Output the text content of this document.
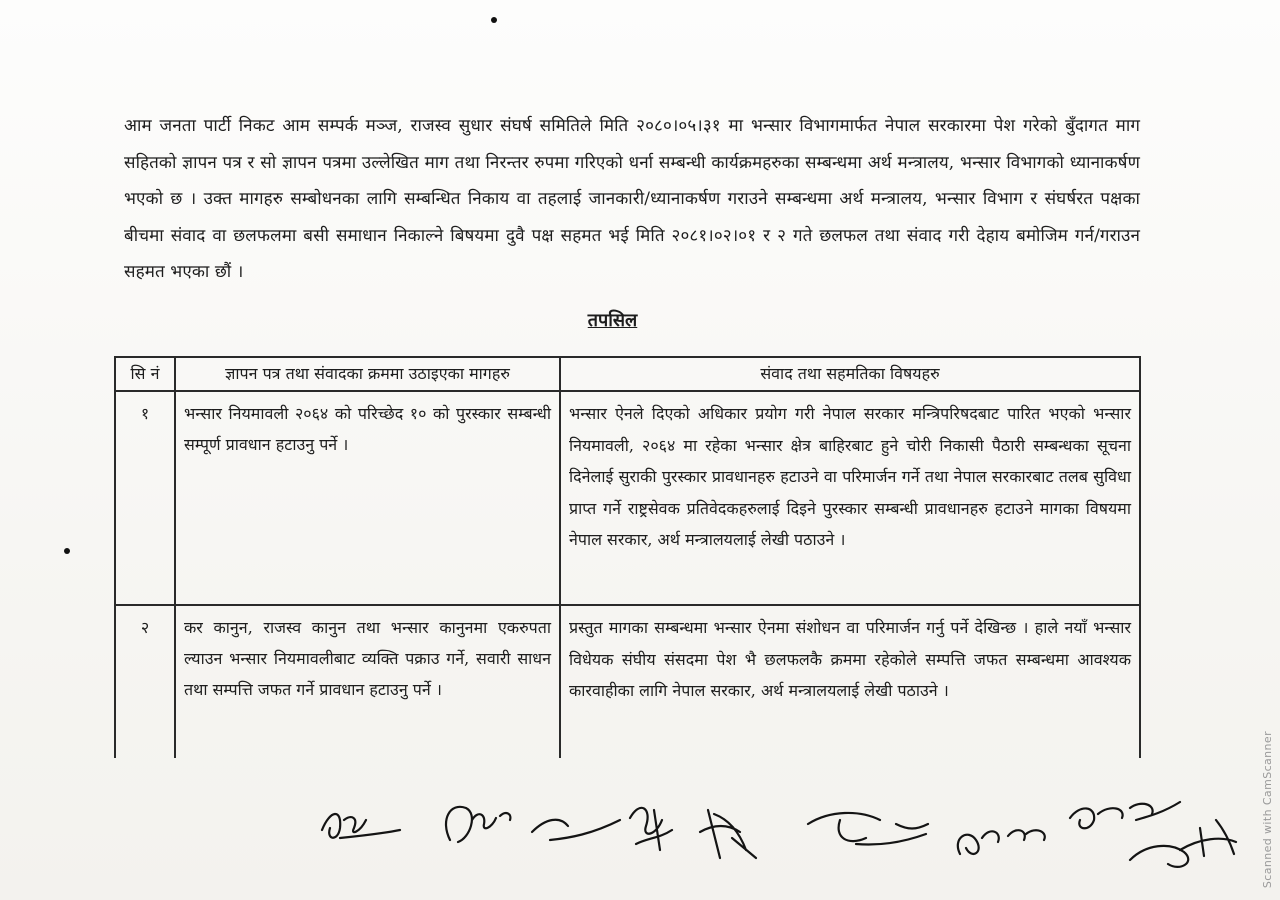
आम जनता पार्टी निकट आम सम्पर्क मञ्ज, राजस्व सुधार संघर्ष समितिले मिति २०८०।०५।३१ मा भन्सार विभागमार्फत नेपाल सरकारमा पेश गरेको बुँदागत माग सहितको ज्ञापन पत्र र सो ज्ञापन पत्रमा उल्लेखित माग तथा निरन्तर रुपमा गरिएको धर्ना सम्बन्धी कार्यक्रमहरुका सम्बन्धमा अर्थ मन्त्रालय, भन्सार विभागको ध्यानाकर्षण भएको छ । उक्त मागहरु सम्बोधनका लागि सम्बन्धित निकाय वा तहलाई जानकारी/ध्यानाकर्षण गराउने सम्बन्धमा अर्थ मन्त्रालय, भन्सार विभाग र संघर्षरत पक्षका बीचमा संवाद वा छलफलमा बसी समाधान निकाल्ने बिषयमा दुवै पक्ष सहमत भई मिति २०८१।०२।०१ र २ गते छलफल तथा संवाद गरी देहाय बमोजिम गर्न/गराउन सहमत भएका छौं ।

तपसिल
सि नं	ज्ञापन पत्र तथा संवादका क्रममा उठाइएका मागहरु	संवाद तथा सहमतिका विषयहरु
१	भन्सार नियमावली २०६४ को परिच्छेद १० को पुरस्कार सम्बन्धी सम्पूर्ण प्रावधान हटाउनु पर्ने ।	भन्सार ऐनले दिएको अधिकार प्रयोग गरी नेपाल सरकार मन्त्रिपरिषदबाट पारित भएको भन्सार नियमावली, २०६४ मा रहेका भन्सार क्षेत्र बाहिरबाट हुने चोरी निकासी पैठारी सम्बन्धका सूचना दिनेलाई सुराकी पुरस्कार प्रावधानहरु हटाउने वा परिमार्जन गर्ने तथा नेपाल सरकारबाट तलब सुविधा प्राप्त गर्ने राष्ट्रसेवक प्रतिवेदकहरुलाई दिइने पुरस्कार सम्बन्धी प्रावधानहरु हटाउने मागका विषयमा नेपाल सरकार, अर्थ मन्त्रालयलाई लेखी पठाउने ।
२	कर कानुन, राजस्व कानुन तथा भन्सार कानुनमा एकरुपता ल्याउन भन्सार नियमावलीबाट व्यक्ति पक्राउ गर्ने, सवारी साधन तथा सम्पत्ति जफत गर्ने प्रावधान हटाउनु पर्ने ।	प्रस्तुत मागका सम्बन्धमा भन्सार ऐनमा संशोधन वा परिमार्जन गर्नु पर्ने देखिन्छ । हाले नयाँ भन्सार विधेयक संघीय संसदमा पेश भै छलफलकै क्रममा रहेकोले सम्पत्ति जफत सम्बन्धमा आवश्यक कारवाहीका लागि नेपाल सरकार, अर्थ मन्त्रालयलाई लेखी पठाउने ।
Scanned with CamScanner
